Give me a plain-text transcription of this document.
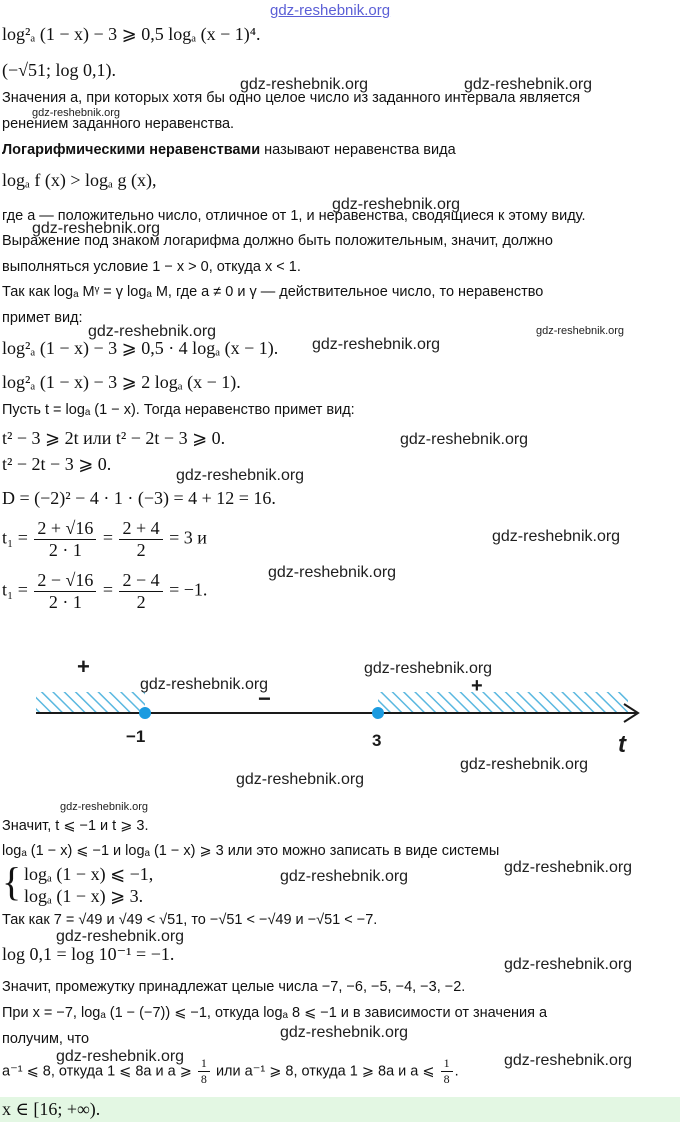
gdz-reshebnik.org
log²ₐ (1 − x) − 3 ⩾ 0,5 logₐ (x − 1)⁴.
(−√51; log 0,1).
Значения a, при которых хотя бы одно целое число из заданного интервала является
ренением заданного неравенства.
Логарифмическими неравенствами называют неравенства вида
logₐ f (x) > logₐ g (x),
где a — положительно число, отличное от 1, и неравенства, сводящиеся к этому виду.
Выражение под знаком логарифма должно быть положительным, значит, должно
выполняться условие 1 − x > 0, откуда x < 1.
Так как logₐ Mᵞ = γ logₐ M, где a ≠ 0 и γ — действительное число, то неравенство
примет вид:
log²ₐ (1 − x) − 3 ⩾ 0,5 · 4 logₐ (x − 1).
log²ₐ (1 − x) − 3 ⩾ 2 logₐ (x − 1).
Пусть t = logₐ (1 − x). Тогда неравенство примет вид:
t² − 3 ⩾ 2t или t² − 2t − 3 ⩾ 0.
t² − 2t − 3 ⩾ 0.
D = (−2)² − 4 · 1 · (−3) = 4 + 12 = 16.
$t_1 = \frac{2 + √16}{2 \cdot 1} = \frac{2 + 4}{2} = 3$ и
$t_1 = \frac{2 - √16}{2 \cdot 1} = \frac{2 - 4}{2} = -1$.
+
−	+
−1	3	t
Значит, t ⩽ −1 и t ⩾ 3.
logₐ (1 − x) ⩽ −1 и logₐ (1 − x) ⩾ 3 или это можно записать в виде системы
{ logₐ (1 − x) ⩽ −1,
logₐ (1 − x) ⩾ 3.
Так как 7 = √49 и √49 < √51, то −√51 < −√49 и −√51 < −7.
log 0,1 = log 10⁻¹ = −1.
Значит, промежутку принадлежат целые числа −7, −6, −5, −4, −3, −2.
При x = −7, logₐ (1 − (−7)) ⩽ −1, откуда logₐ 8 ⩽ −1 и в зависимости от значения a
получим, что
a⁻¹ ⩽ 8, откуда 1 ⩽ 8a и a ⩾ $\frac{1}{8}$ или a⁻¹ ⩾ 8, откуда 1 ⩾ 8a и a ⩽ $\frac{1}{8}$ .
x ∈ [16; +∞).
gdz-reshebnik.org	gdz-reshebnik.org
gdz-reshebnik.org
gdz-reshebnik.org
gdz-reshebnik.org
gdz-reshebnik.org	gdz-reshebnik.org
gdz-reshebnik.org
gdz-reshebnik.org
gdz-reshebnik.org
gdz-reshebnik.org
gdz-reshebnik.org
gdz-reshebnik.org
gdz-reshebnik.org
gdz-reshebnik.org
gdz-reshebnik.org
gdz-reshebnik.org
gdz-reshebnik.org
gdz-reshebnik.org
gdz-reshebnik.org
gdz-reshebnik.org
gdz-reshebnik.org
gdz-reshebnik.org	gdz-reshebnik.org
